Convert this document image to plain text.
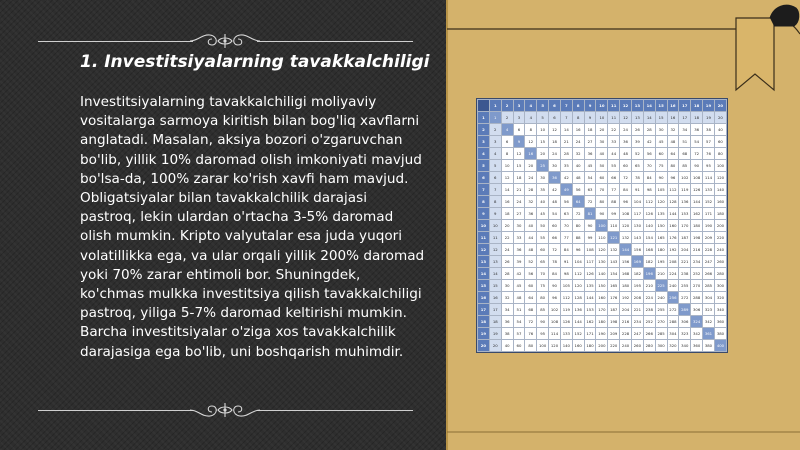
1. Investitsiyalarning tavakkalchiligi

Investitsiyalarning tavakkalchiligi moliyaviy vositalarga sarmoya kiritish bilan bog'liq xavflarni anglatadi. Masalan, aksiya bozori o'zgaruvchan bo'lib, yillik 10% daromad olish imkoniyati mavjud bo'lsa-da, 100% zarar ko'rish xavfi ham mavjud. Obligatsiyalar bilan tavakkalchilik darajasi pastroq, lekin ulardan o'rtacha 3-5% daromad olish mumkin. Kripto valyutalar esa juda yuqori volatillikka ega, va ular orqali yillik 200% daromad yoki 70% zarar ehtimoli bor. Shuningdek, ko'chmas mulkka investitsiya qilish tavakkalchiligi pastroq, yiliga 5-7% daromad keltirishi mumkin. Barcha investitsiyalar o'ziga xos tavakkalchilik darajasiga ega bo'lib, uni boshqarish muhimdir.

	1	2	3	4	5	6	7	8	9	10	11	12	13	14	15	16	17	18	19	20
1	1	2	3	4	5	6	7	8	9	10	11	12	13	14	15	16	17	18	19	20
2	2	4	6	8	10	12	14	16	18	20	22	24	26	28	30	32	34	36	38	40
3	3	6	9	12	15	18	21	24	27	30	33	36	39	42	45	48	51	54	57	60
4	4	8	12	16	20	24	28	32	36	40	44	48	52	56	60	64	68	72	76	80
5	5	10	15	20	25	30	35	40	45	50	55	60	65	70	75	80	85	90	95	100
6	6	12	18	24	30	36	42	48	54	60	66	72	78	84	90	96	102	108	114	120
7	7	14	21	28	35	42	49	56	63	70	77	84	91	98	105	112	119	126	133	140
8	8	16	24	32	40	48	56	64	72	80	88	96	104	112	120	128	136	144	152	160
9	9	18	27	36	45	54	63	72	81	90	99	108	117	126	135	144	153	162	171	180
10	10	20	30	40	50	60	70	80	90	100	110	120	130	140	150	160	170	180	190	200
11	11	22	33	44	55	66	77	88	99	110	121	132	143	154	165	176	187	198	209	220
12	12	24	36	48	60	72	84	96	108	120	132	144	156	168	180	192	204	216	228	240
13	13	26	39	52	65	78	91	104	117	130	143	156	169	182	195	208	221	234	247	260
14	14	28	42	56	70	84	98	112	126	140	154	168	182	196	210	224	238	252	266	280
15	15	30	45	60	75	90	105	120	135	150	165	180	195	210	225	240	255	270	285	300
16	16	32	48	64	80	96	112	128	144	160	176	192	208	224	240	256	272	288	304	320
17	17	34	51	68	85	102	119	136	153	170	187	204	221	238	255	272	289	306	323	340
18	18	36	54	72	90	108	126	144	162	180	198	216	234	252	270	288	306	324	342	360
19	19	38	57	76	95	114	133	152	171	190	209	228	247	266	285	304	323	342	361	380
20	20	40	60	80	100	120	140	160	180	200	220	240	260	280	300	320	340	360	380	400
